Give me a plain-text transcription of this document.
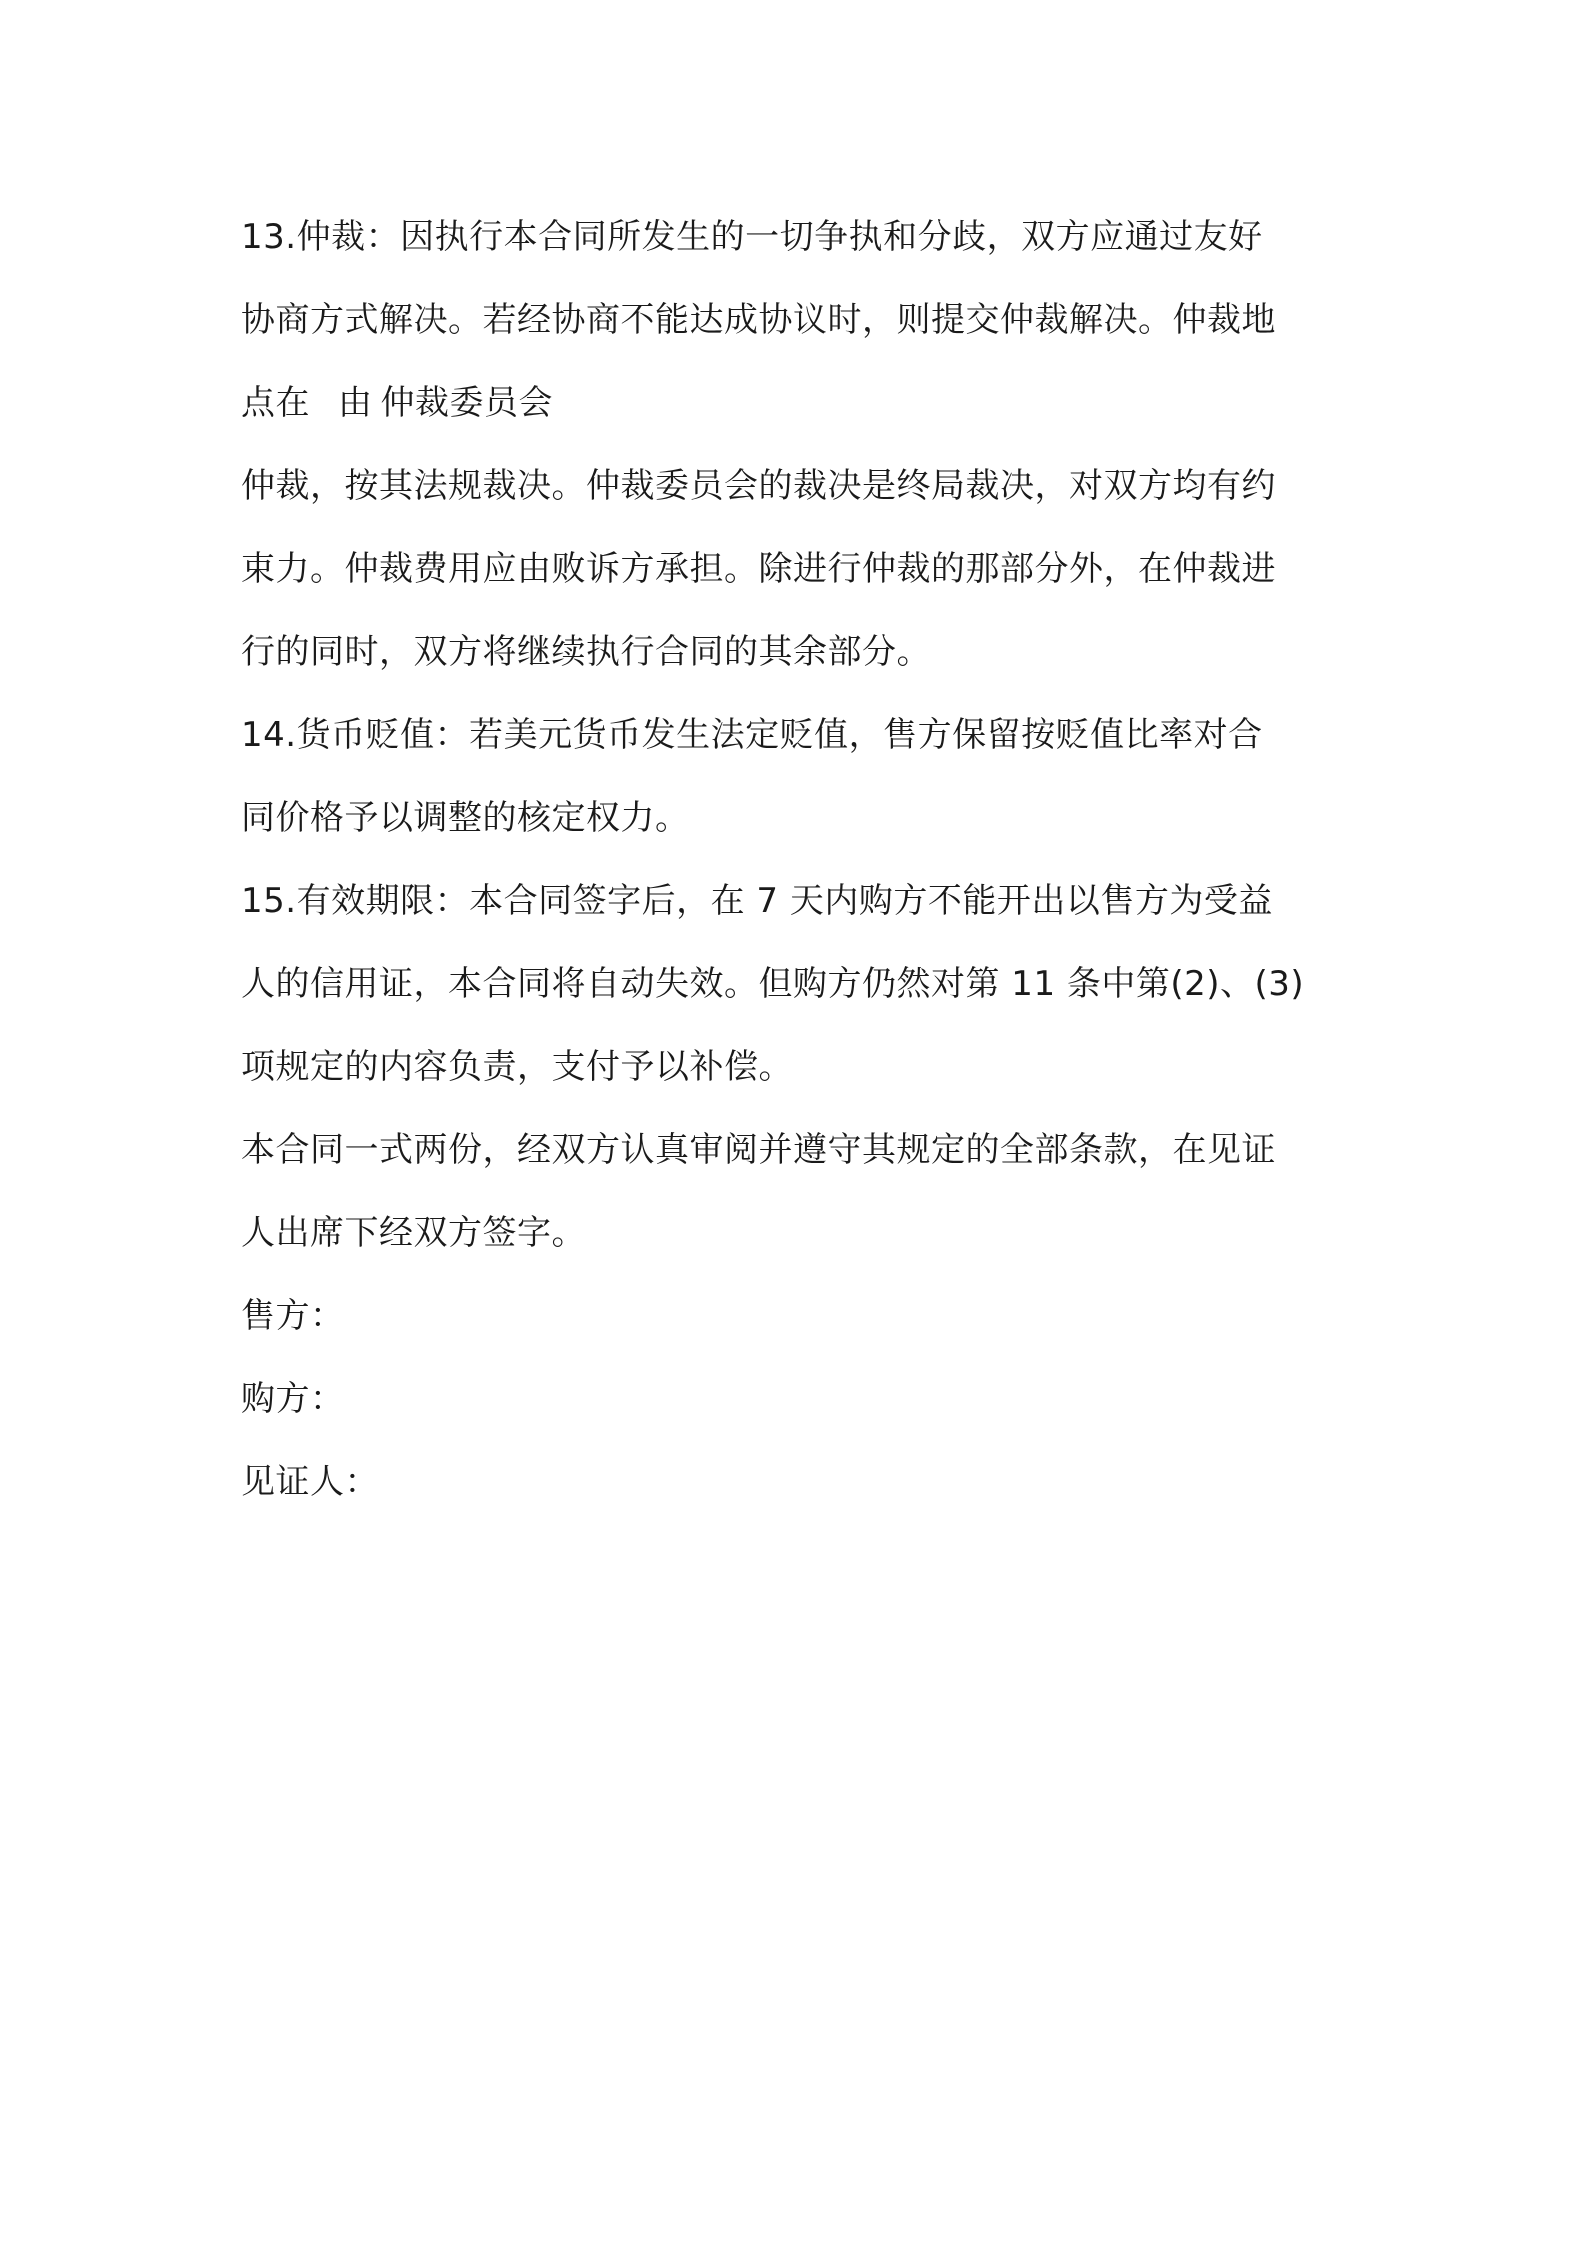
13.仲裁：因执行本合同所发生的一切争执和分歧，双方应通过友好
协商方式解决。若经协商不能达成协议时，则提交仲裁解决。仲裁地
点在 由 仲裁委员会
仲裁，按其法规裁决。仲裁委员会的裁决是终局裁决，对双方均有约
束力。仲裁费用应由败诉方承担。除进行仲裁的那部分外，在仲裁进
行的同时，双方将继续执行合同的其余部分。
14.货币贬值：若美元货币发生法定贬值，售方保留按贬值比率对合
同价格予以调整的核定权力。
15.有效期限：本合同签字后，在 7 天内购方不能开出以售方为受益
人的信用证，本合同将自动失效。但购方仍然对第 11 条中第(2)、(3)
项规定的内容负责，支付予以补偿。
本合同一式两份，经双方认真审阅并遵守其规定的全部条款，在见证
人出席下经双方签字。
售方：
购方：
见证人：
